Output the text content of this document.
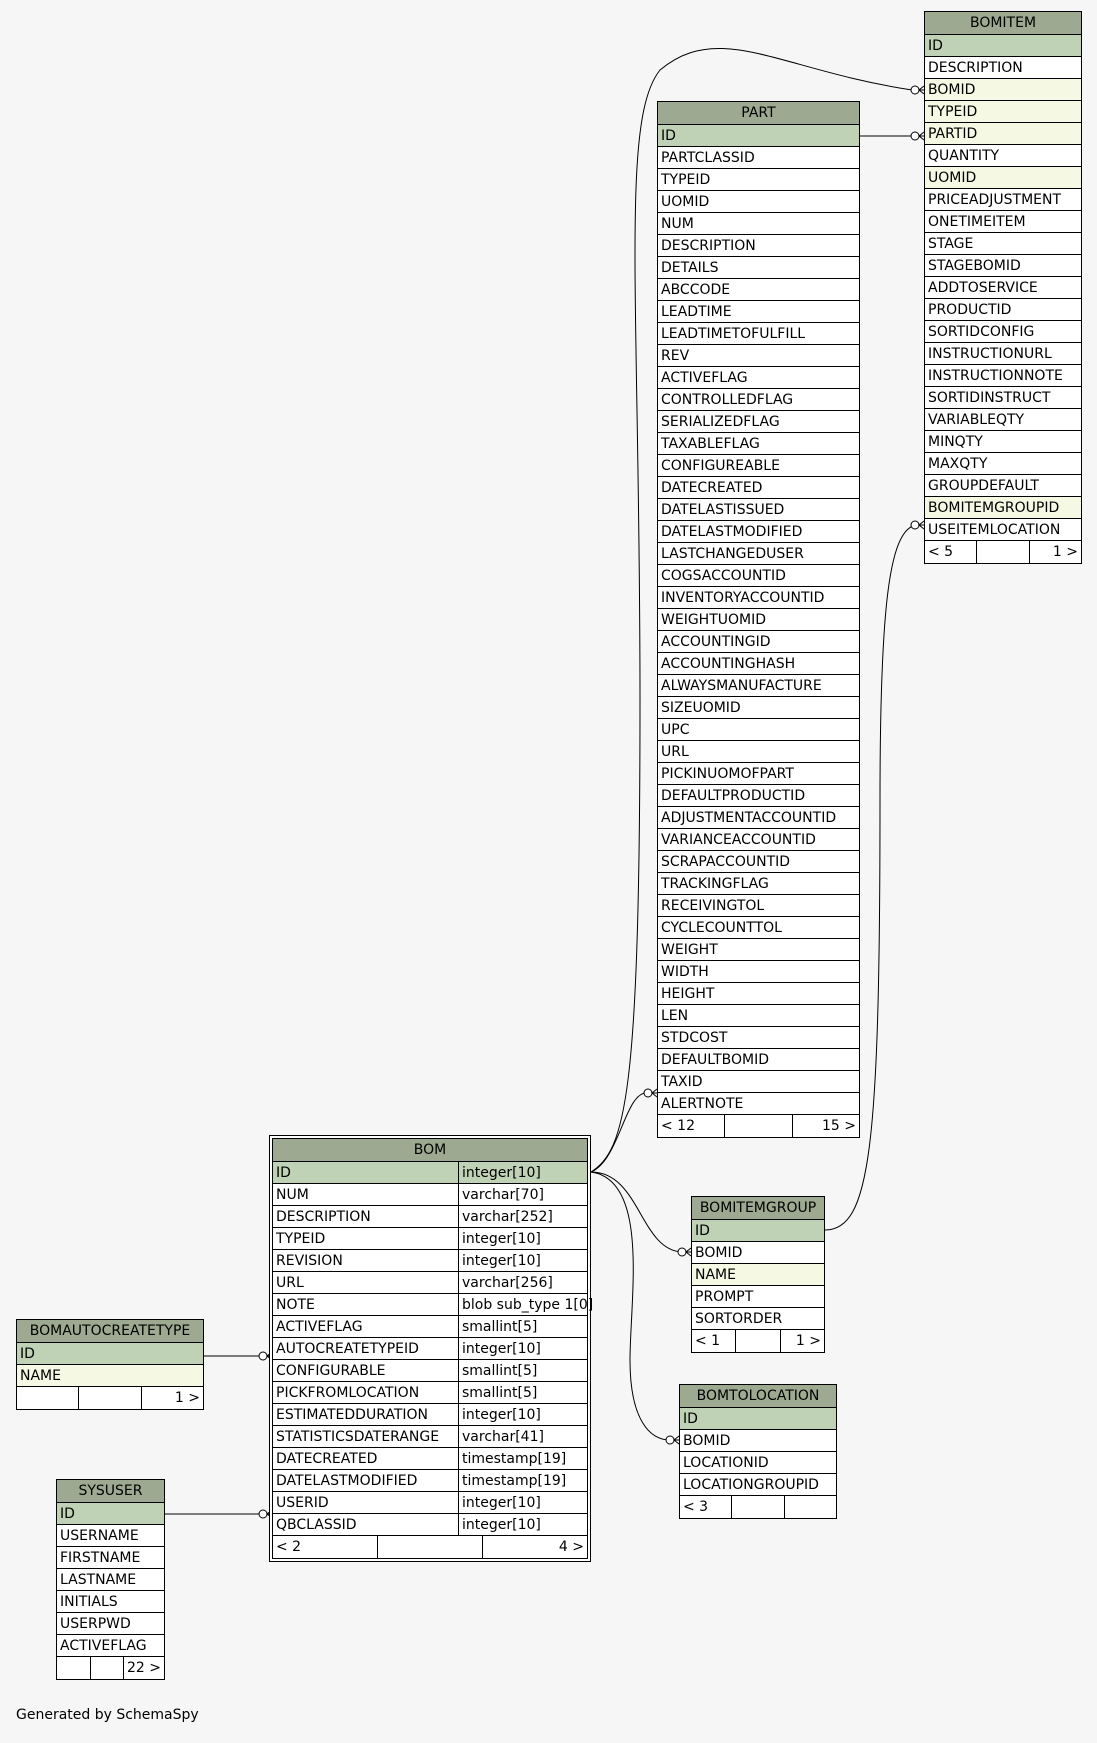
BOMITEM
ID
DESCRIPTION
BOMID
TYPEID
PARTID
QUANTITY
UOMID
PRICEADJUSTMENT
ONETIMEITEM
STAGE
STAGEBOMID
ADDTOSERVICE
PRODUCTID
SORTIDCONFIG
INSTRUCTIONURL
INSTRUCTIONNOTE
SORTIDINSTRUCT
VARIABLEQTY
MINQTY
MAXQTY
GROUPDEFAULT
BOMITEMGROUPID
USEITEMLOCATION
< 5	1 >
PART
ID
PARTCLASSID
TYPEID
UOMID
NUM
DESCRIPTION
DETAILS
ABCCODE
LEADTIME
LEADTIMETOFULFILL
REV
ACTIVEFLAG
CONTROLLEDFLAG
SERIALIZEDFLAG
TAXABLEFLAG
CONFIGUREABLE
DATECREATED
DATELASTISSUED
DATELASTMODIFIED
LASTCHANGEDUSER
COGSACCOUNTID
INVENTORYACCOUNTID
WEIGHTUOMID
ACCOUNTINGID
ACCOUNTINGHASH
ALWAYSMANUFACTURE
SIZEUOMID
UPC
URL
PICKINUOMOFPART
DEFAULTPRODUCTID
ADJUSTMENTACCOUNTID
VARIANCEACCOUNTID
SCRAPACCOUNTID
TRACKINGFLAG
RECEIVINGTOL
CYCLECOUNTTOL
WEIGHT
WIDTH
HEIGHT
LEN
STDCOST
DEFAULTBOMID
TAXID
ALERTNOTE
< 12	15 >
BOM
ID	integer[10]
NUM	varchar[70]
DESCRIPTION	varchar[252]
TYPEID	integer[10]
REVISION	integer[10]
URL	varchar[256]
NOTE	blob sub_type 1[0]
ACTIVEFLAG	smallint[5]
AUTOCREATETYPEID	integer[10]
CONFIGURABLE	smallint[5]
PICKFROMLOCATION	smallint[5]
ESTIMATEDDURATION	integer[10]
STATISTICSDATERANGE	varchar[41]
DATECREATED	timestamp[19]
DATELASTMODIFIED	timestamp[19]
USERID	integer[10]
QBCLASSID	integer[10]
< 2	4 >
BOMITEMGROUP
ID
BOMID
NAME
PROMPT
SORTORDER
< 1	1 >
BOMTOLOCATION
ID
BOMID
LOCATIONID
LOCATIONGROUPID
< 3
BOMAUTOCREATETYPE
ID
NAME
1 >
SYSUSER
ID
USERNAME
FIRSTNAME
LASTNAME
INITIALS
USERPWD
ACTIVEFLAG
22 >
Generated by SchemaSpy
